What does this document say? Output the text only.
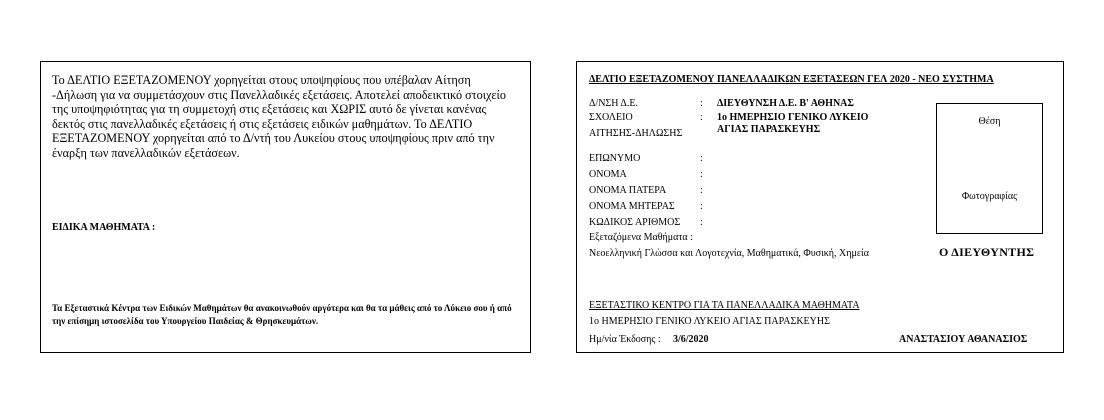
Το ΔΕΛΤΙΟ ΕΞΕΤΑΖΟΜΕΝΟΥ χορηγείται στους υποψηφίους που υπέβαλαν Αίτηση -Δήλωση για να συμμετάσχουν στις Πανελλαδικές εξετάσεις. Αποτελεί αποδεικτικό στοιχείο της υποψηφιότητας για τη συμμετοχή στις εξετάσεις και ΧΩΡΙΣ αυτό δε γίνεται κανένας δεκτός στις πανελλαδικές εξετάσεις ή στις εξετάσεις ειδικών μαθημάτων. Το ΔΕΛΤΙΟ ΕΞΕΤΑΖΟΜΕΝΟΥ χορηγείται από το Δ/ντή του Λυκείου στους υποψηφίους πριν από την έναρξη των πανελλαδικών εξετάσεων.

ΕΙΔΙΚΑ ΜΑΘΗΜΑΤΑ :

Τα Εξεταστικά Κέντρα των Ειδικών Μαθημάτων θα ανακοινωθούν αργότερα και θα τα μάθεις από το Λύκειο σου ή από την επίσημη ιστοσελίδα του Υπουργείου Παιδείας & Θρησκευμάτων.

ΔΕΛΤΙΟ ΕΞΕΤΑΖΟΜΕΝΟΥ ΠΑΝΕΛΛΑΔΙΚΩΝ ΕΞΕΤΑΣΕΩΝ ΓΕΛ 2020 - ΝΕΟ ΣΥΣΤΗΜΑ
Δ/ΝΣΗ Δ.Ε.	: ΔΙΕΥΘΥΝΣΗ Δ.Ε. Β' ΑΘΗΝΑΣ
ΣΧΟΛΕΙΟ	: 1ο ΗΜΕΡΗΣΙΟ ΓΕΝΙΚΟ ΛΥΚΕΙΟ
ΑΓΙΑΣ ΠΑΡΑΣΚΕΥΗΣ
ΑΙΤΗΣΗΣ-ΔΗΛΩΣΗΣ
ΕΠΩΝΥΜΟ	:
ΟΝΟΜΑ	:
ΟΝΟΜΑ ΠΑΤΕΡΑ	:
ΟΝΟΜΑ ΜΗΤΕΡΑΣ	:
ΚΩΔΙΚΟΣ ΑΡΙΘΜΟΣ :
Εξεταζόμενα Μαθήματα :
Νεοελληνική Γλώσσα και Λογοτεχνία, Μαθηματικά, Φυσική, Χημεία
Θέση
Φωτογραφίας
Ο ΔΙΕΥΘΥΝΤΗΣ
ΕΞΕΤΑΣΤΙΚΟ ΚΕΝΤΡΟ ΓΙΑ ΤΑ ΠΑΝΕΛΛΑΔΙΚΑ ΜΑΘΗΜΑΤΑ
1ο ΗΜΕΡΗΣΙΟ ΓΕΝΙΚΟ ΛΥΚΕΙΟ ΑΓΙΑΣ ΠΑΡΑΣΚΕΥΗΣ
Ημ/νία Έκδοσης : 3/6/2020	ΑΝΑΣΤΑΣΙΟΥ ΑΘΑΝΑΣΙΟΣ
